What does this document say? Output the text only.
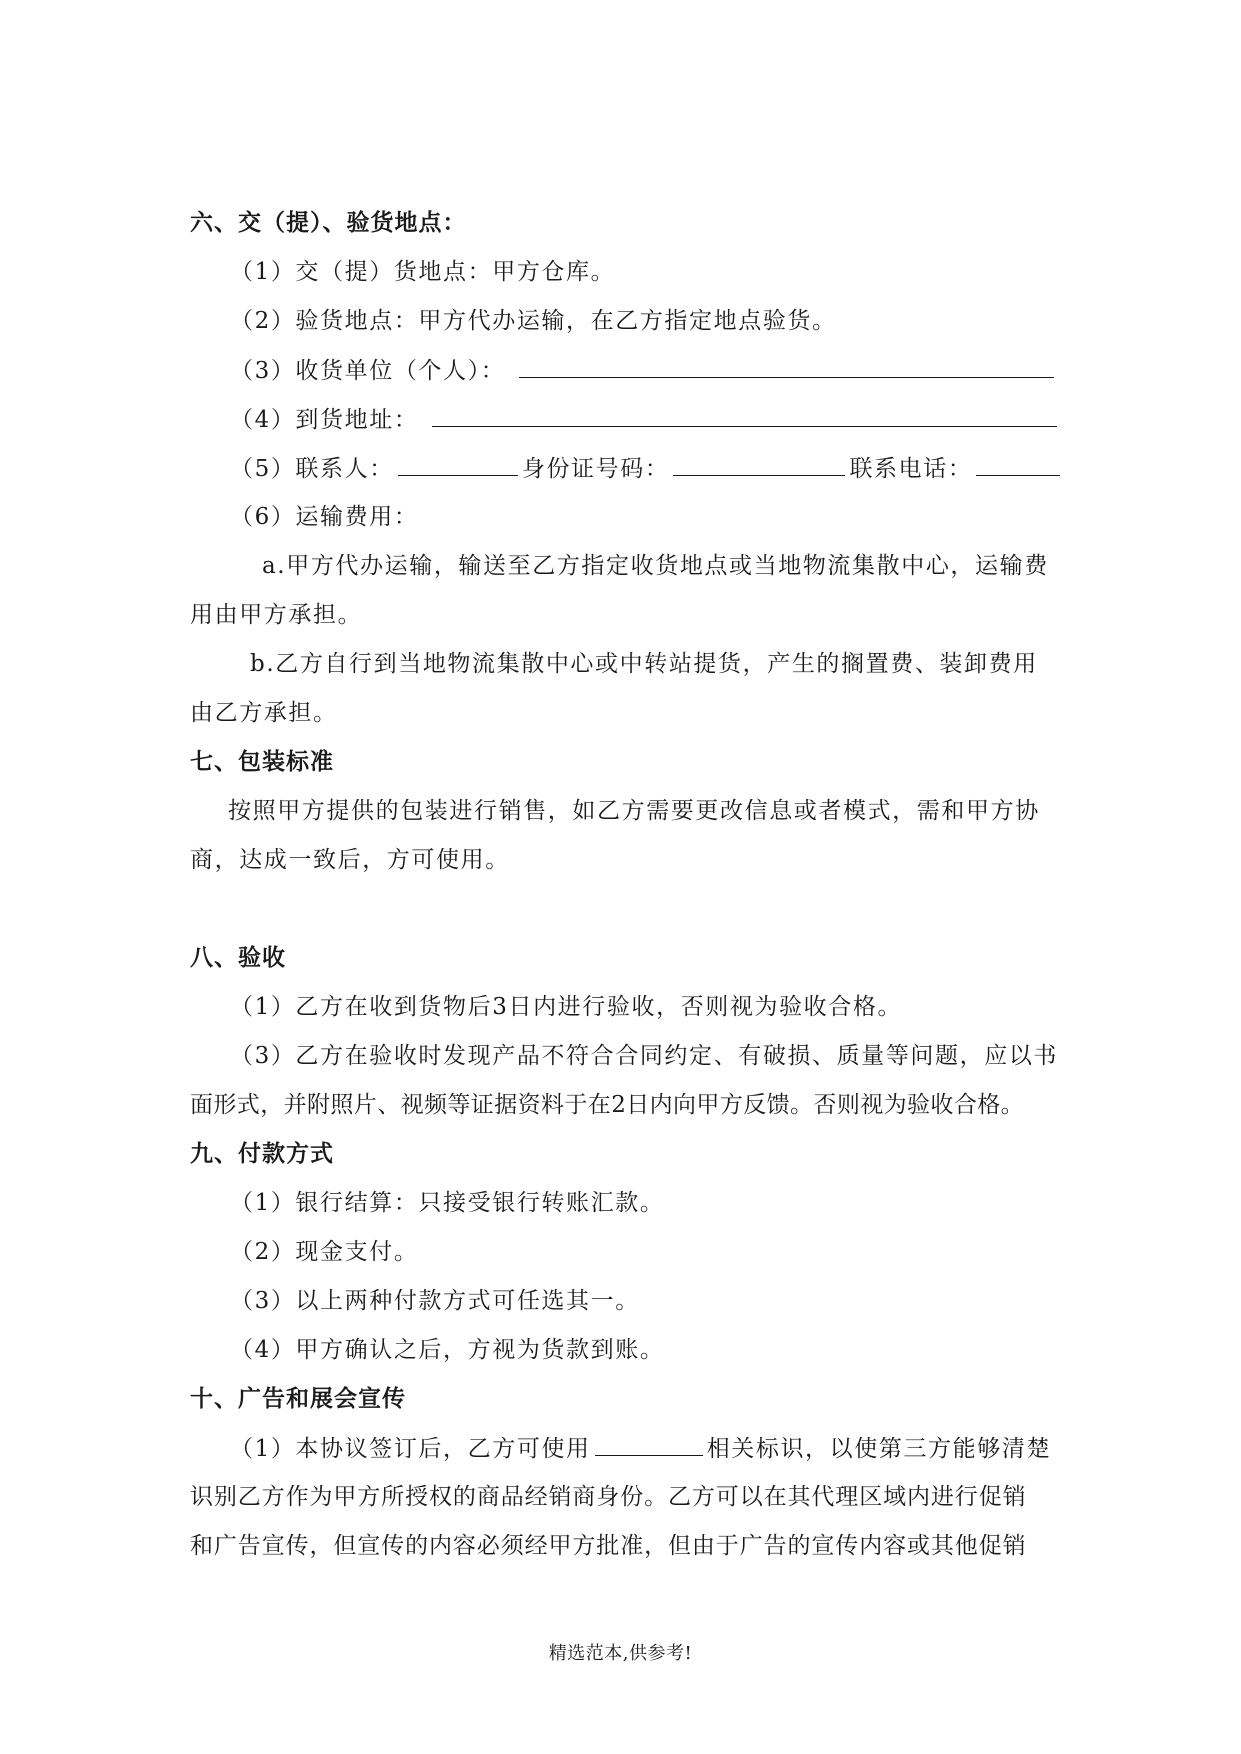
六、交（提）、验货地点：
（1）交（提）货地点：甲方仓库。
（2）验货地点：甲方代办运输，在乙方指定地点验货。
（3）收货单位（个人）：
（4）到货地址：
（5）联系人：	身份证号码：	联系电话：
（6）运输费用：
a.甲方代办运输，输送至乙方指定收货地点或当地物流集散中心，运输费
用由甲方承担。
b.乙方自行到当地物流集散中心或中转站提货，产生的搁置费、装卸费用
由乙方承担。
七、包装标准
按照甲方提供的包装进行销售，如乙方需要更改信息或者模式，需和甲方协
商，达成一致后，方可使用。
八、验收
（1）乙方在收到货物后3日内进行验收，否则视为验收合格。
（3）乙方在验收时发现产品不符合合同约定、有破损、质量等问题，应以书
面形式，并附照片、视频等证据资料于在2日内向甲方反馈。否则视为验收合格。
九、付款方式
（1）银行结算：只接受银行转账汇款。
（2）现金支付。
（3）以上两种付款方式可任选其一。
（4）甲方确认之后，方视为货款到账。
十、广告和展会宣传
（1）本协议签订后，乙方可使用	相关标识，以使第三方能够清楚
识别乙方作为甲方所授权的商品经销商身份。乙方可以在其代理区域内进行促销
和广告宣传，但宣传的内容必须经甲方批准，但由于广告的宣传内容或其他促销
精选范本,供参考!
